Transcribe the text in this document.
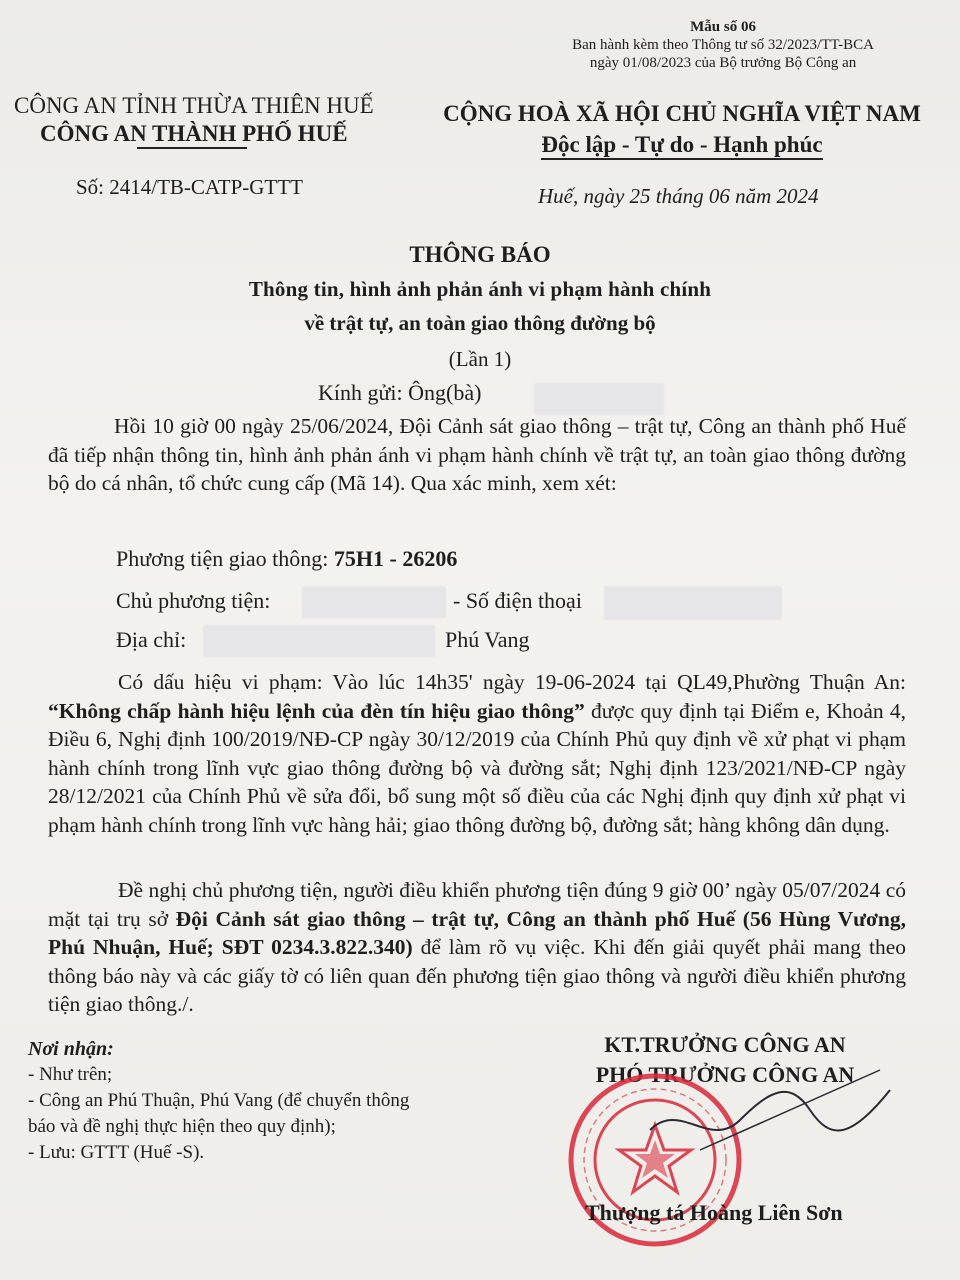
Mẫu số 06
Ban hành kèm theo Thông tư số 32/2023/TT-BCA
ngày 01/08/2023 của Bộ trưởng Bộ Công an
CÔNG AN TỈNH THỪA THIÊN HUẾ
CÔNG AN THÀNH PHỐ HUẾ
Số: 2414/TB-CATP-GTTT
CỘNG HOÀ XÃ HỘI CHỦ NGHĨA VIỆT NAM
Độc lập - Tự do - Hạnh phúc
Huế, ngày 25 tháng 06 năm 2024
THÔNG BÁO
Thông tin, hình ảnh phản ánh vi phạm hành chính
về trật tự, an toàn giao thông đường bộ
(Lần 1)
Kính gửi: Ông(bà)
Hồi 10 giờ 00 ngày 25/06/2024, Đội Cảnh sát giao thông – trật tự, Công an thành phố Huế đã tiếp nhận thông tin, hình ảnh phản ánh vi phạm hành chính về trật tự, an toàn giao thông đường bộ do cá nhân, tổ chức cung cấp (Mã 14). Qua xác minh, xem xét:
Phương tiện giao thông: 75H1 - 26206
Chủ phương tiện:	- Số điện thoại
Địa chỉ:	Phú Vang
Có dấu hiệu vi phạm: Vào lúc 14h35' ngày 19-06-2024 tại QL49,Phường Thuận An: “Không chấp hành hiệu lệnh của đèn tín hiệu giao thông” được quy định tại Điểm e, Khoản 4, Điều 6, Nghị định 100/2019/NĐ-CP ngày 30/12/2019 của Chính Phủ quy định về xử phạt vi phạm hành chính trong lĩnh vực giao thông đường bộ và đường sắt; Nghị định 123/2021/NĐ-CP ngày 28/12/2021 của Chính Phủ về sửa đổi, bổ sung một số điều của các Nghị định quy định xử phạt vi phạm hành chính trong lĩnh vực hàng hải; giao thông đường bộ, đường sắt; hàng không dân dụng.
Đề nghị chủ phương tiện, người điều khiển phương tiện đúng 9 giờ 00’ ngày 05/07/2024 có mặt tại trụ sở Đội Cảnh sát giao thông – trật tự, Công an thành phố Huế (56 Hùng Vương, Phú Nhuận, Huế; SĐT 0234.3.822.340) để làm rõ vụ việc. Khi đến giải quyết phải mang theo thông báo này và các giấy tờ có liên quan đến phương tiện giao thông và người điều khiển phương tiện giao thông./.
Nơi nhận:
- Như trên;
- Công an Phú Thuận, Phú Vang (để chuyển thông
báo và đề nghị thực hiện theo quy định);
- Lưu: GTTT (Huế -S).
KT.TRƯỞNG CÔNG AN
PHÓ TRƯỞNG CÔNG AN
Thượng tá Hoàng Liên Sơn
